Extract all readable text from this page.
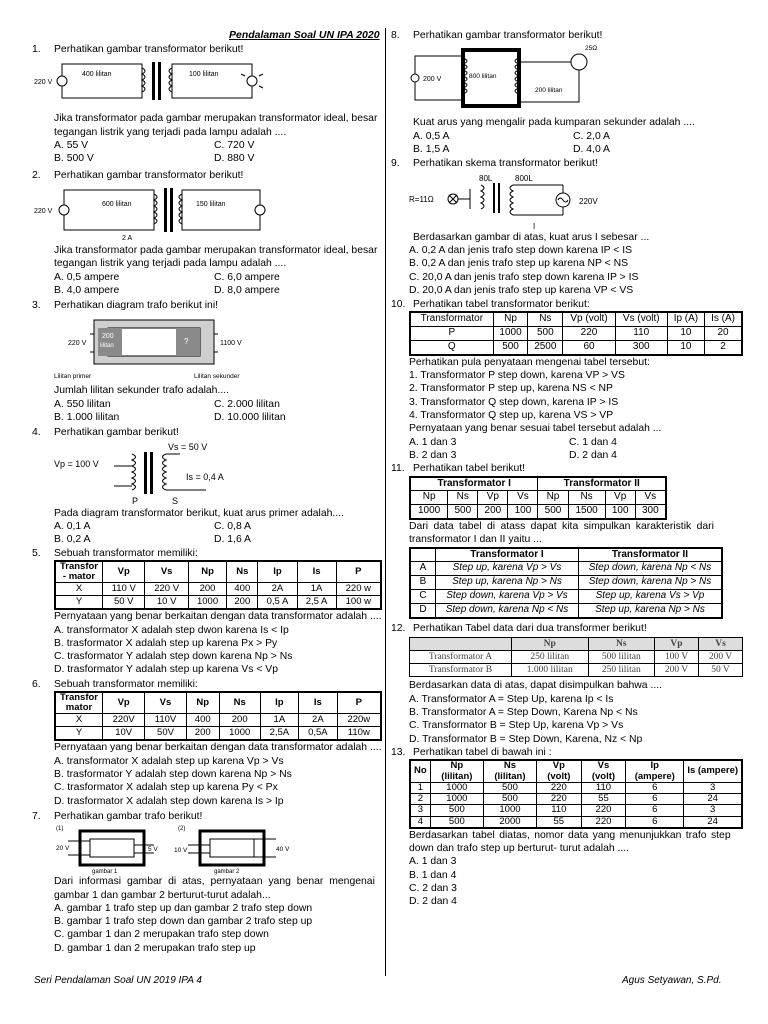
Pendalaman Soal UN IPA 2020
1. Perhatikan gambar transformator berikut!
220 V
400 lilitan	100 lilitan
Jika transformator pada gambar merupakan transformator ideal, besar
tegangan listrik yang terjadi pada lampu adalah ....
A. 55 V	C. 720 V
B. 500 V	D. 880 V
2. Perhatikan gambar transformator berikut!
220 V
600 lilitan	150 lilitan
2 A
Jika transformator pada gambar merupakan transformator ideal, besar
tegangan listrik yang terjadi pada lampu adalah ....
A. 0,5 ampere	C. 6,0 ampere
B. 4,0 ampere	D. 8,0 ampere
3. Perhatikan diagram trafo berikut ini!
200
lilitan	?
220 V	1100 V
Lilitan primer	Lilitan sekunder
Jumlah lilitan sekunder trafo adalah....
A. 550 lilitan	C. 2.000 lilitan
B. 1.000 lilitan	D. 10.000 lilitan
4. Perhatikan gambar berikut!
Vs = 50 V
Vp = 100 V
Is = 0,4 A
P	S
Pada diagram transformator berikut, kuat arus primer adalah....
A. 0,1 A	C. 0,8 A
B. 0,2 A	D. 1,6 A
5. Sebuah transformator memiliki:
Transfor - mator	Vp	Vs	Np	Ns	Ip	Is	P
X	110 V	220 V	200	400	2A	1A	220 w
Y	50 V	10 V	1000	200	0,5 A	2,5 A	100 w
Pernyataan yang benar berkaitan dengan data transformator adalah ....
A. transformator X adalah step dwon karena Is < Ip
B. trasformator X adalah step up karena Px > Py
C. trasformator Y adalah step down karena Np > Ns
D. trasformator Y adalah step up karena Vs < Vp
6. Sebuah transformator memiliki:
Transfor mator	Vp	Vs	Np	Ns	Ip	Is	P
X	220V	110V	400	200	1A	2A	220w
Y	10V	50V	200	1000	2,5A	0,5A	110w
Pernyataan yang benar berkaitan dengan data transformator adalah ....
A. transformator X adalah step up karena Vp > Vs
B. trasformator Y adalah step down karena Np > Ns
C. trasformator X adalah step up karena Py < Px
D. trasformator X adalah step down karena Is > Ip
7. Perhatikan gambar trafo berikut!
(1)
20 V	5 V
gambar 1
(2)
10 V	40 V
gambar 2
Dari informasi gambar di atas, pernyataan yang benar mengenai
gambar 1 dan gambar 2 berturut-turut adalah...
A. gambar 1 trafo step up dan gambar 2 trafo step down
B. gambar 1 trafo step down dan gambar 2 trafo step up
C. gambar 1 dan 2 merupakan trafo step down
D. gambar 1 dan 2 merupakan trafo step up
8. Perhatikan gambar transformator berikut!
200 V	800 lilitan
200 lilitan
25Ω
Kuat arus yang mengalir pada kumparan sekunder adalah ....
A. 0,5 A	C. 2,0 A
B. 1,5 A	D. 4,0 A
9. Perhatikan skema transformator berikut!
R=11Ω
80L	800L
220V
I
Berdasarkan gambar di atas, kuat arus I sebesar ...
A. 0,2 A dan jenis trafo step down karena IP < IS
B. 0,2 A dan jenis trafo step up karena NP < NS
C. 20,0 A dan jenis trafo step down karena IP > IS
D. 20,0 A dan jenis trafo step up karena VP < VS
10. Perhatikan tabel transformator berikut:
Transformator	Np	Ns	Vp (volt)	Vs (volt)	Ip (A)	Is (A)
P	1000	500	220	110	10	20
Q	500	2500	60	300	10	2
Perhatikan pula penyataan mengenai tabel tersebut:
1. Transformator P step down, karena VP > VS
2. Transformator P step up, karena NS < NP
3. Transformator Q step down, karena IP > IS
4. Transformator Q step up, karena VS > VP
Pernyataan yang benar sesuai tabel tersebut adalah ...
A. 1 dan 3	C. 1 dan 4
B. 2 dan 3	D. 2 dan 4
11. Perhatikan tabel berikut!
Transformator I				Transformator II			
Np	Ns	Vp	Vs	Np	Ns	Vp	Vs
1000	500	200	100	500	1500	100	300
Dari data tabel di atass dapat kita simpulkan karakteristik dari
transformator I dan II yaitu ...
	Transformator I	Transformator II
A	Step up, karena Vp > Vs	Step down, karena Np < Ns
B	Step up, karena Np > Ns	Step down, karena Np > Ns
C	Step down, karena Vp > Vs	Step up, karena Vs > Vp
D	Step down, karena Np < Ns	Step up, karena Np > Ns
12. Perhatikan Tabel data dari dua transformer berikut!
	Np	Ns	Vp	Vs
Transformator A	250 lilitan	500 lilitan	100 V	200 V
Transformator B	1.000 lilitan	250 lilitan	200 V	50 V
Berdasarkan data di atas, dapat disimpulkan bahwa ....
A. Transformator A = Step Up, karena Ip < Is
B. Transformator A = Step Down, Karena Np < Ns
C. Transformator B = Step Up, karena Vp > Vs
D. Transformator B = Step Down, Karena, Nz < Np
13. Perhatikan tabel di bawah ini :
No	Np (lilitan)	Ns (lilitan)	Vp (volt)	Vs (volt)	Ip (ampere)	Is (ampere)
1	1000	500	220	110	6	3
2	1000	500	220	55	6	24
3	500	1000	110	220	6	3
4	500	2000	55	220	6	24
Berdasarkan tabel diatas, nomor data yang menunjukkan trafo step
down dan trafo step up berturut- turut adalah ....
A. 1 dan 3
B. 1 dan 4
C. 2 dan 3
D. 2 dan 4
Seri Pendalaman Soal UN 2019 IPA 4	Agus Setyawan, S.Pd.
